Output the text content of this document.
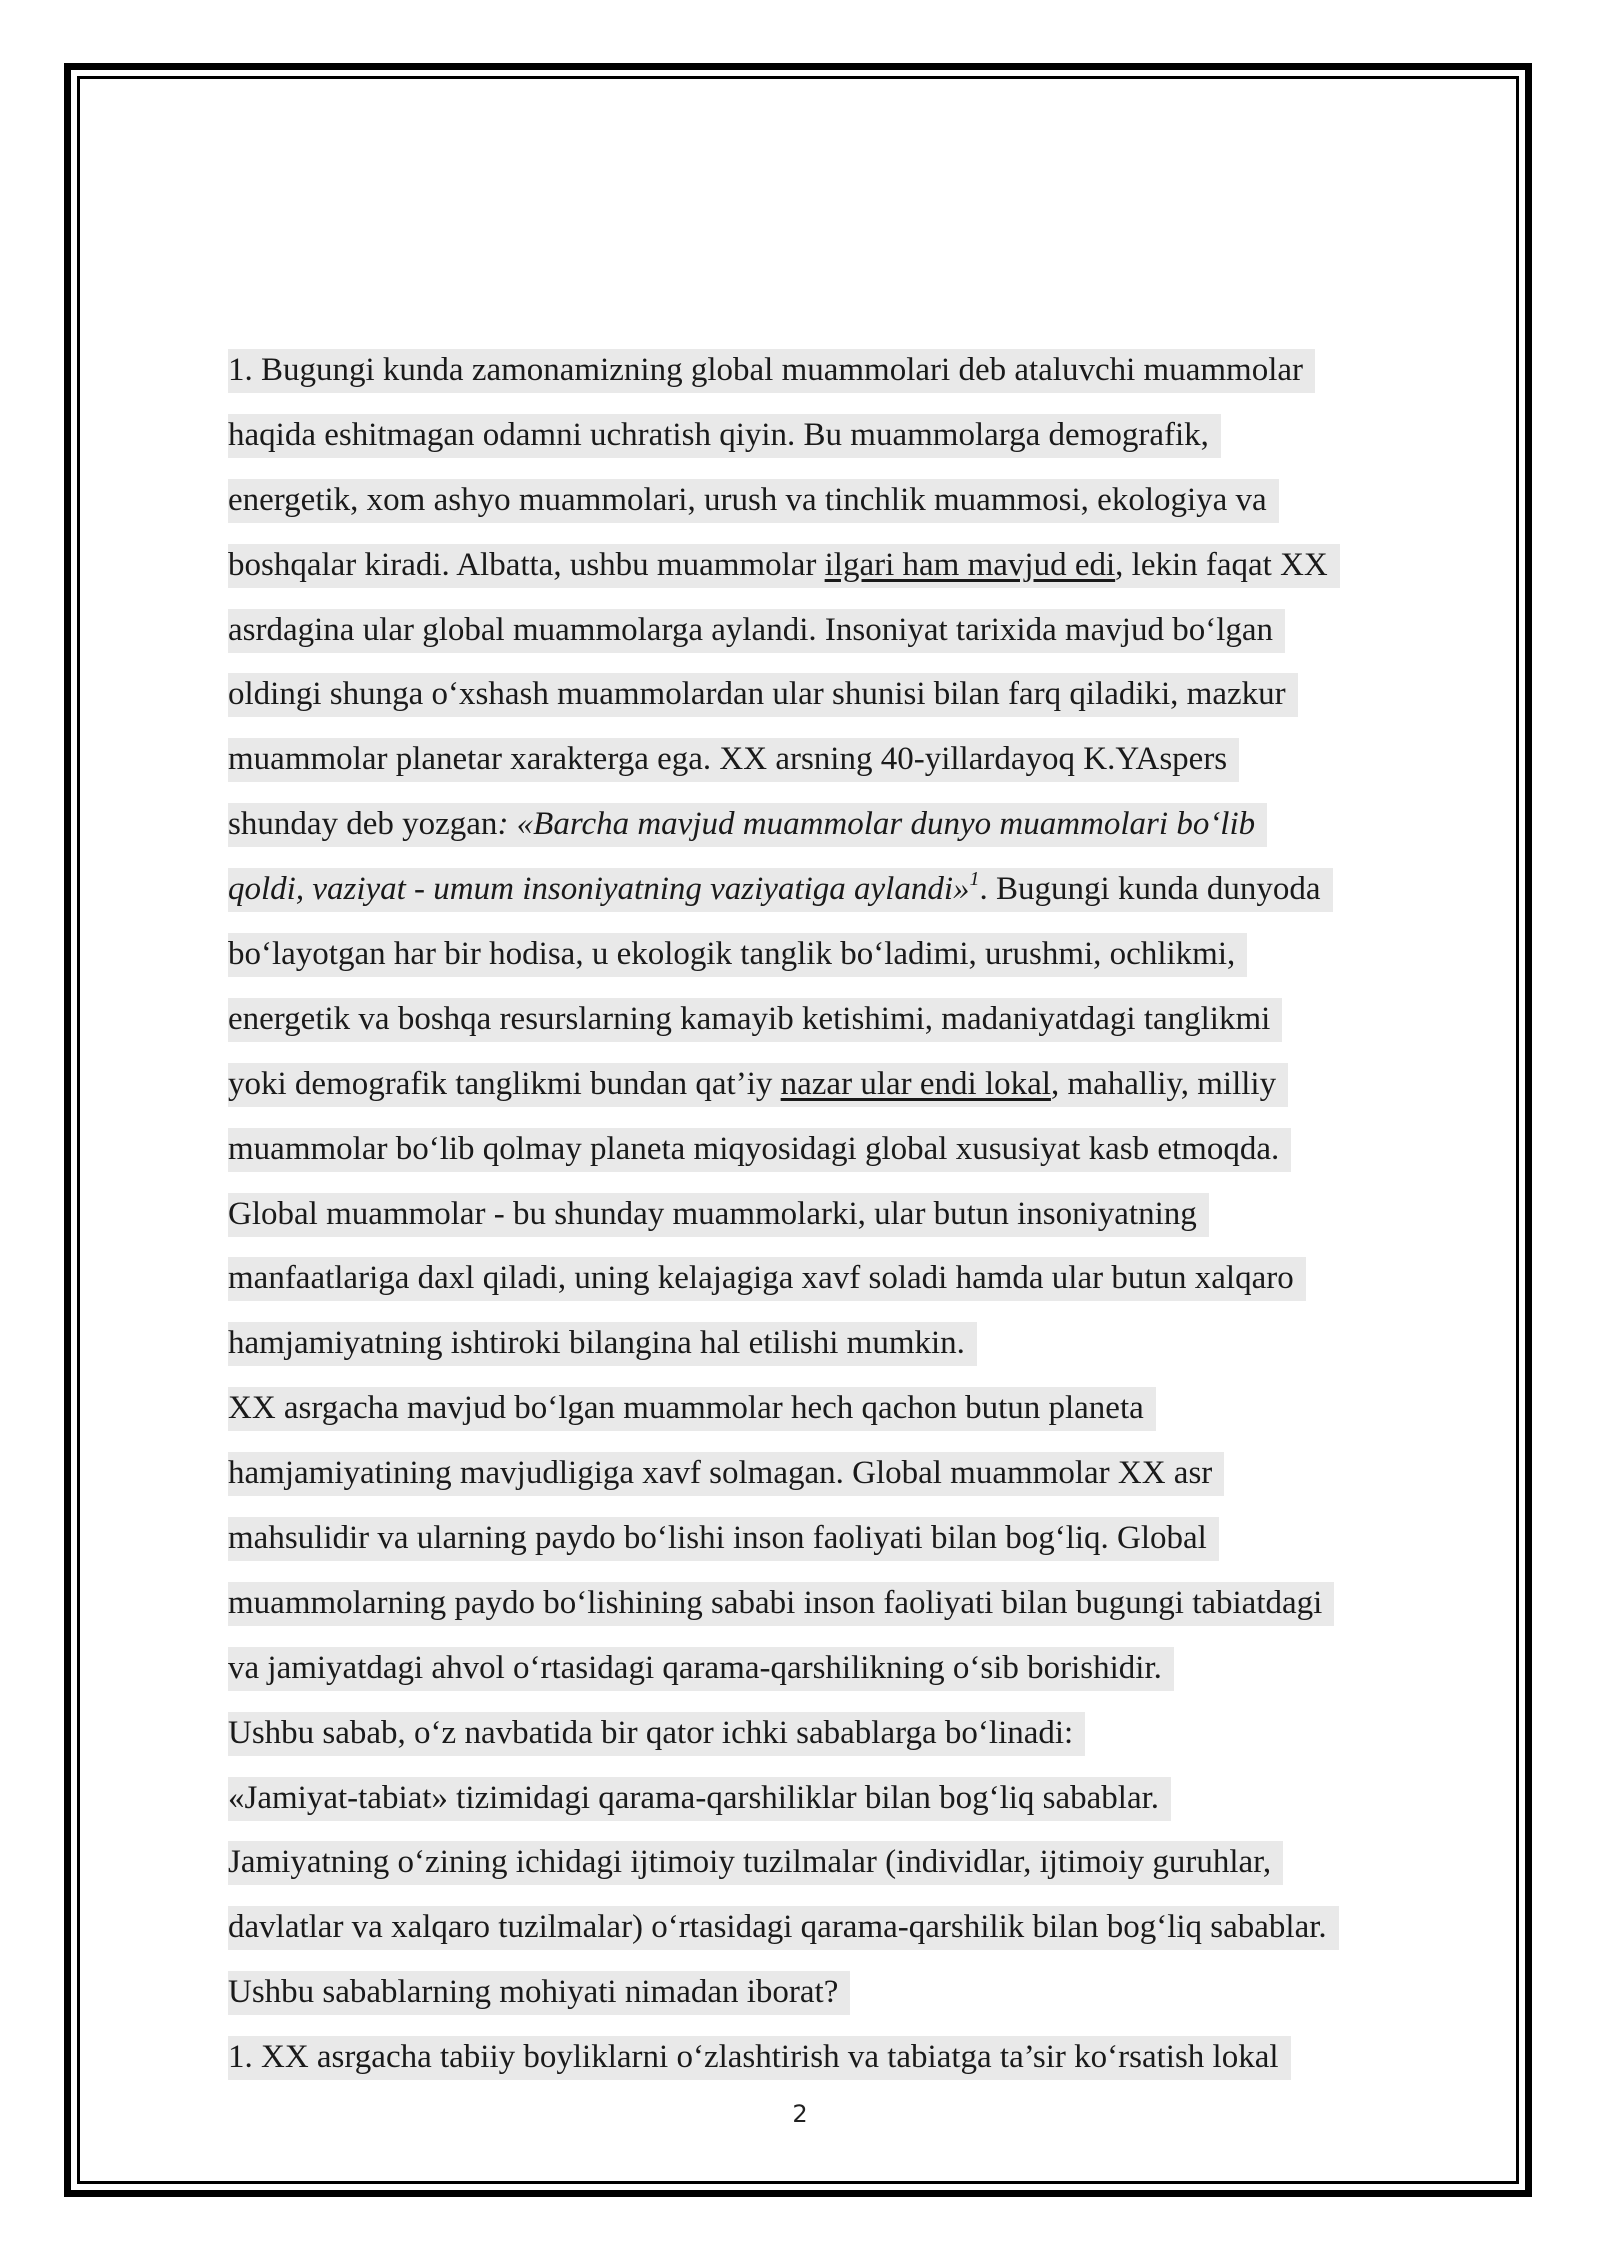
1. Bugungi kunda zamonamizning global muammolari deb ataluvchi muammolar
haqida eshitmagan odamni uchratish qiyin. Bu muammolarga demografik,
energetik, xom ashyo muammolari, urush va tinchlik muammosi, ekologiya va
boshqalar kiradi. Albatta, ushbu muammolar ilgari ham mavjud edi, lekin faqat XX
asrdagina ular global muammolarga aylandi. Insoniyat tarixida mavjud bo‘lgan
oldingi shunga o‘xshash muammolardan ular shunisi bilan farq qiladiki, mazkur
muammolar planetar xarakterga ega. XX arsning 40-yillardayoq K.YAspers
shunday deb yozgan: «Barcha mavjud muammolar dunyo muammolari bo‘lib
qoldi, vaziyat - umum insoniyatning vaziyatiga aylandi»$^1$. Bugungi kunda dunyoda
bo‘layotgan har bir hodisa, u ekologik tanglik bo‘ladimi, urushmi, ochlikmi,
energetik va boshqa resurslarning kamayib ketishimi, madaniyatdagi tanglikmi
yoki demografik tanglikmi bundan qat’iy nazar ular endi lokal, mahalliy, milliy
muammolar bo‘lib qolmay planeta miqyosidagi global xususiyat kasb etmoqda.
Global muammolar - bu shunday muammolarki, ular butun insoniyatning
manfaatlariga daxl qiladi, uning kelajagiga xavf soladi hamda ular butun xalqaro
hamjamiyatning ishtiroki bilangina hal etilishi mumkin.
XX asrgacha mavjud bo‘lgan muammolar hech qachon butun planeta
hamjamiyatining mavjudligiga xavf solmagan. Global muammolar XX asr
mahsulidir va ularning paydo bo‘lishi inson faoliyati bilan bog‘liq. Global
muammolarning paydo bo‘lishining sababi inson faoliyati bilan bugungi tabiatdagi
va jamiyatdagi ahvol o‘rtasidagi qarama-qarshilikning o‘sib borishidir.
Ushbu sabab, o‘z navbatida bir qator ichki sabablarga bo‘linadi:
«Jamiyat-tabiat» tizimidagi qarama-qarshiliklar bilan bog‘liq sabablar.
Jamiyatning o‘zining ichidagi ijtimoiy tuzilmalar (individlar, ijtimoiy guruhlar,
davlatlar va xalqaro tuzilmalar) o‘rtasidagi qarama-qarshilik bilan bog‘liq sabablar.
Ushbu sabablarning mohiyati nimadan iborat?
1. XX asrgacha tabiiy boyliklarni o‘zlashtirish va tabiatga ta’sir ko‘rsatish lokal
2
